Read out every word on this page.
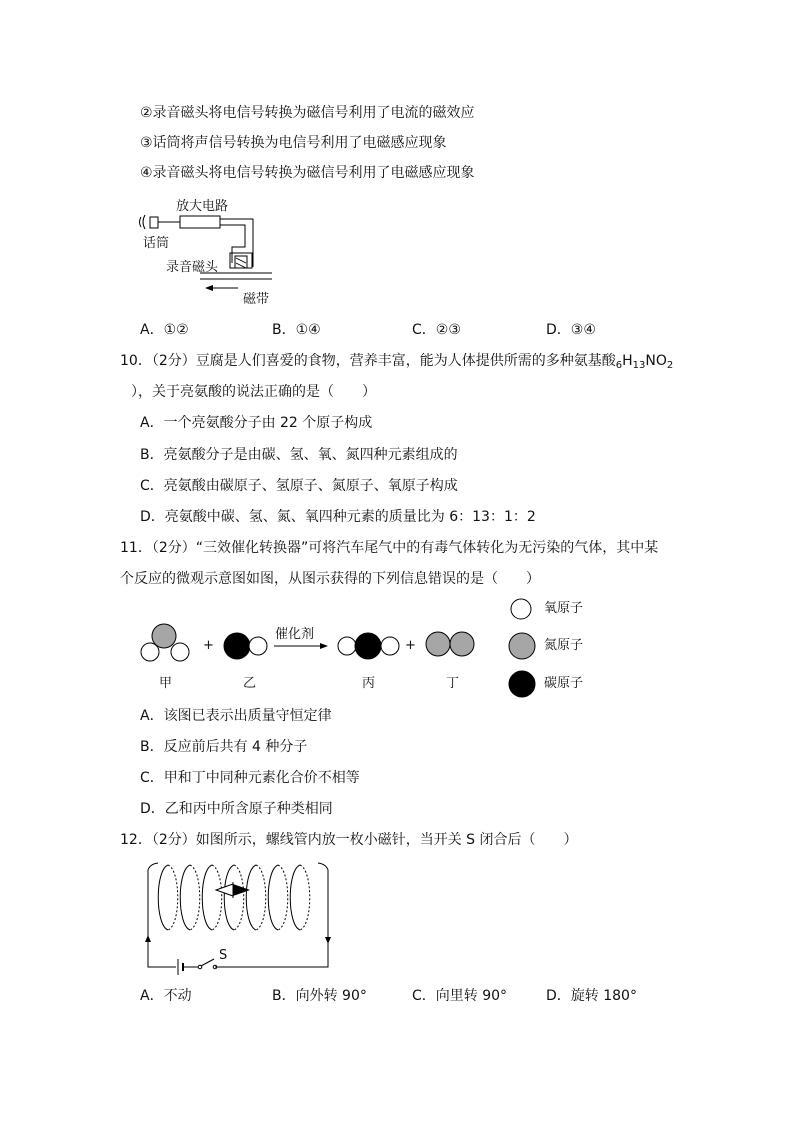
②录音磁头将电信号转换为磁信号利用了电流的磁效应
③话筒将声信号转换为电信号利用了电磁感应现象
④录音磁头将电信号转换为磁信号利用了电磁感应现象
放大电路
话筒
录音磁头
磁带
A．①②	B．①④	C．②③	D．③④
10．（2分）豆腐是人们喜爱的食物，营养丰富，能为人体提供所需的多种氨基酸$_6H_{13}NO_2$
），关于亮氨酸的说法正确的是（　　）
A．一个亮氨酸分子由 22 个原子构成
B．亮氨酸分子是由碳、氢、氧、氮四种元素组成的
C．亮氨酸由碳原子、氢原子、氮原子、氧原子构成
D．亮氨酸中碳、氢、氮、氧四种元素的质量比为 6：13：1：2
11．（2分）“三效催化转换器”可将汽车尾气中的有毒气体转化为无污染的气体，其中某
个反应的微观示意图如图，从图示获得的下列信息错误的是（　　）
催化剂
+	+
甲	乙	丙	丁
氧原子
氮原子
碳原子
A．该图已表示出质量守恒定律
B．反应前后共有 4 种分子
C．甲和丁中同种元素化合价不相等
D．乙和丙中所含原子种类相同
12．（2分）如图所示，螺线管内放一枚小磁针，当开关 S 闭合后（　　）
S
A．不动	B．向外转 90°	C．向里转 90°	D．旋转 180°
